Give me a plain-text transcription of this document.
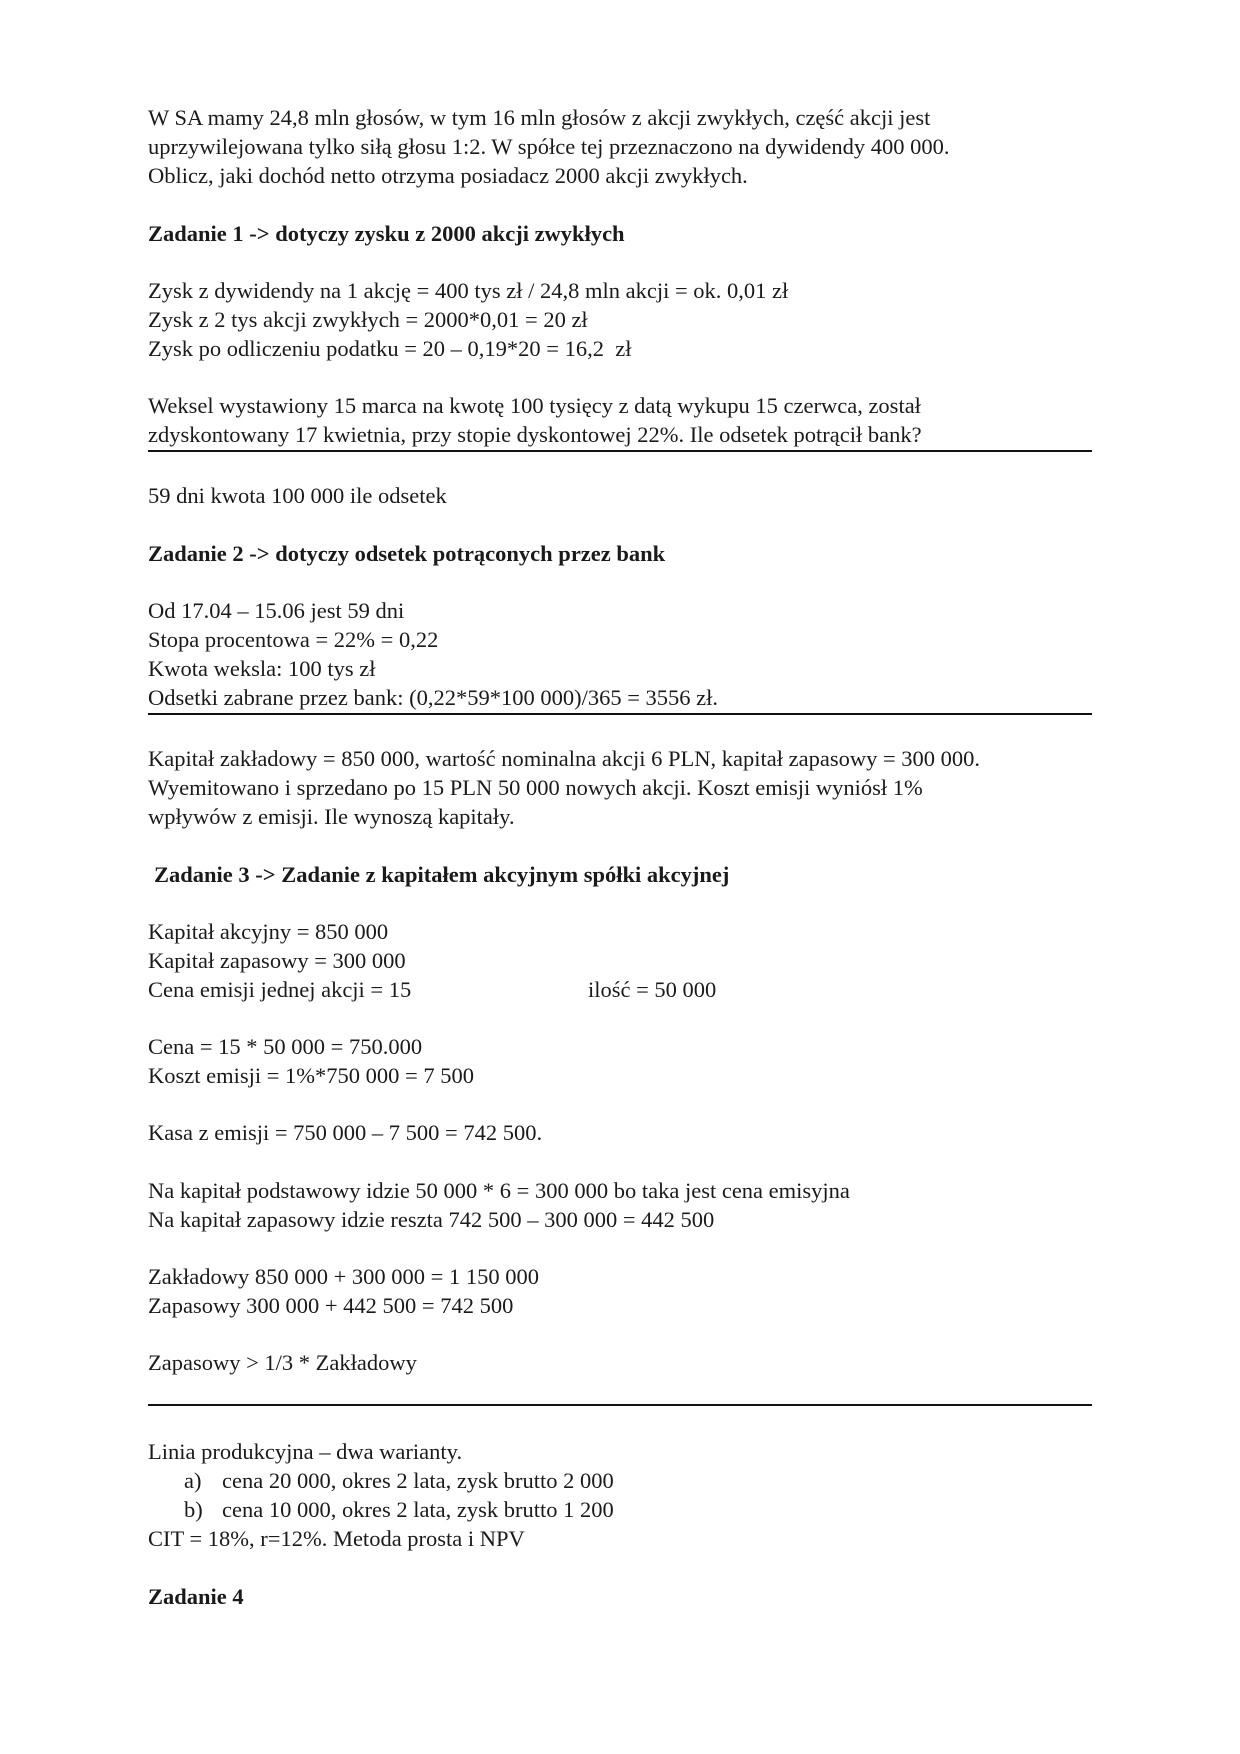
W SA mamy 24,8 mln głosów, w tym 16 mln głosów z akcji zwykłych, część akcji jest
uprzywilejowana tylko siłą głosu 1:2. W spółce tej przeznaczono na dywidendy 400 000.
Oblicz, jaki dochód netto otrzyma posiadacz 2000 akcji zwykłych.
Zadanie 1 -> dotyczy zysku z 2000 akcji zwykłych
Zysk z dywidendy na 1 akcję = 400 tys zł / 24,8 mln akcji = ok. 0,01 zł
Zysk z 2 tys akcji zwykłych = 2000*0,01 = 20 zł
Zysk po odliczeniu podatku = 20 – 0,19*20 = 16,2  zł
Weksel wystawiony 15 marca na kwotę 100 tysięcy z datą wykupu 15 czerwca, został
zdyskontowany 17 kwietnia, przy stopie dyskontowej 22%. Ile odsetek potrącił bank?
59 dni kwota 100 000 ile odsetek
Zadanie 2 -> dotyczy odsetek potrąconych przez bank
Od 17.04 – 15.06 jest 59 dni
Stopa procentowa = 22% = 0,22
Kwota weksla: 100 tys zł
Odsetki zabrane przez bank: (0,22*59*100 000)/365 = 3556 zł.
Kapitał zakładowy = 850 000, wartość nominalna akcji 6 PLN, kapitał zapasowy = 300 000.
Wyemitowano i sprzedano po 15 PLN 50 000 nowych akcji. Koszt emisji wyniósł 1%
wpływów z emisji. Ile wynoszą kapitały.
Zadanie 3 -> Zadanie z kapitałem akcyjnym spółki akcyjnej
Kapitał akcyjny = 850 000
Kapitał zapasowy = 300 000
Cena emisji jednej akcji = 15	ilość = 50 000
Cena = 15 * 50 000 = 750.000
Koszt emisji = 1%*750 000 = 7 500
Kasa z emisji = 750 000 – 7 500 = 742 500.
Na kapitał podstawowy idzie 50 000 * 6 = 300 000 bo taka jest cena emisyjna
Na kapitał zapasowy idzie reszta 742 500 – 300 000 = 442 500
Zakładowy 850 000 + 300 000 = 1 150 000
Zapasowy 300 000 + 442 500 = 742 500
Zapasowy > 1/3 * Zakładowy
Linia produkcyjna – dwa warianty.
a) cena 20 000, okres 2 lata, zysk brutto 2 000
b) cena 10 000, okres 2 lata, zysk brutto 1 200
CIT = 18%, r=12%. Metoda prosta i NPV
Zadanie 4
